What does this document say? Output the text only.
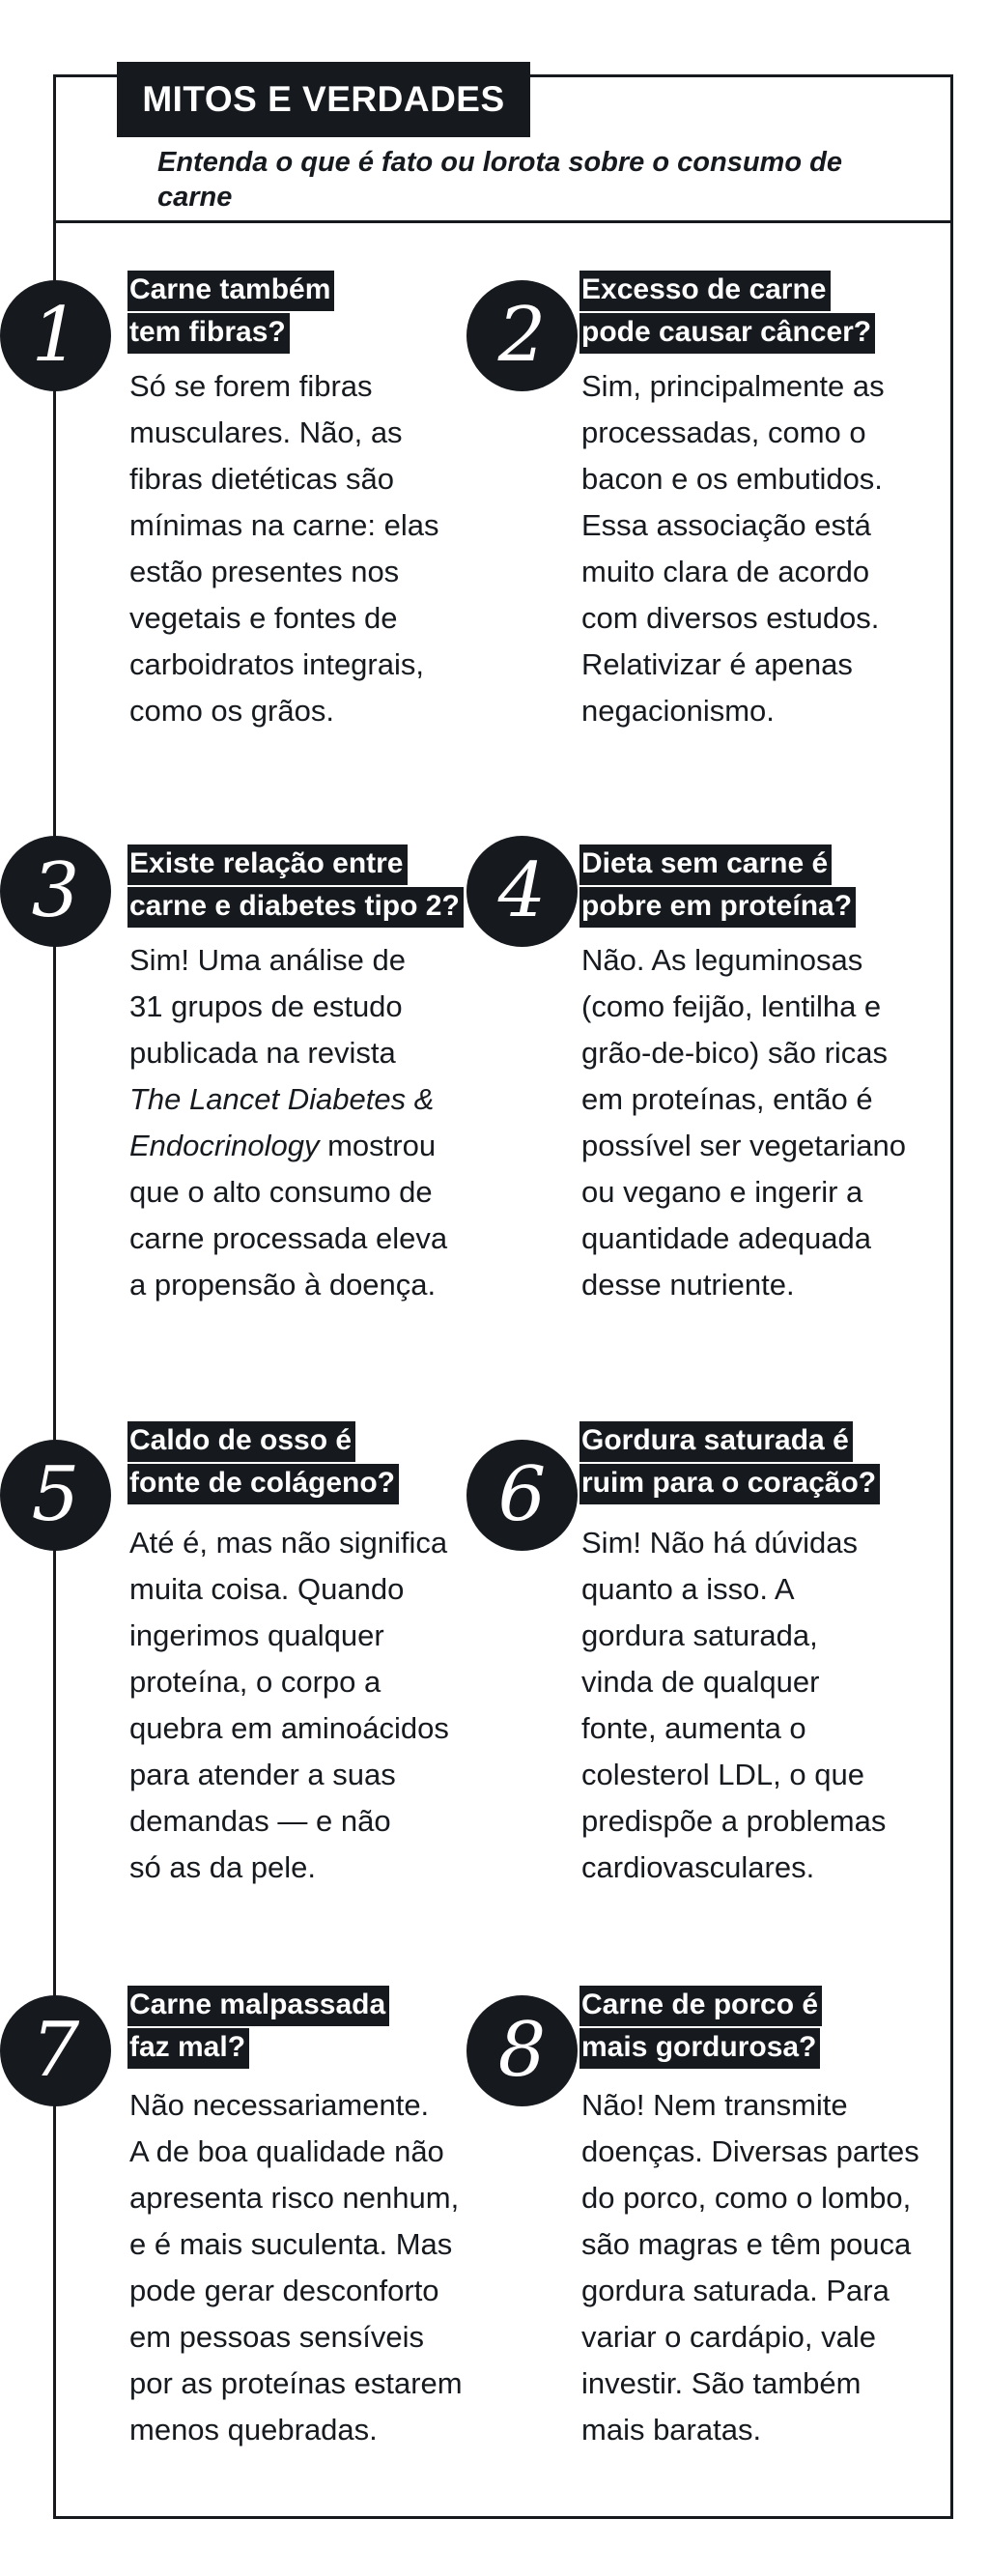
MITOS E VERDADES
Entenda o que é fato ou lorota sobre o consumo de carne
1
Carne também
tem fibras?
Só se forem fibras
musculares. Não, as
fibras dietéticas são
mínimas na carne: elas
estão presentes nos
vegetais e fontes de
carboidratos integrais,
como os grãos.
2
Excesso de carne
pode causar câncer?
Sim, principalmente as
processadas, como o
bacon e os embutidos.
Essa associação está
muito clara de acordo
com diversos estudos.
Relativizar é apenas
negacionismo.
3	Existe relação entre
carne e diabetes tipo 2?
Sim! Uma análise de
31 grupos de estudo
publicada na revista
The Lancet Diabetes &
Endocrinology mostrou
que o alto consumo de
carne processada eleva
a propensão à doença.
4	Dieta sem carne é
pobre em proteína?
Não. As leguminosas
(como feijão, lentilha e
grão-de-bico) são ricas
em proteínas, então é
possível ser vegetariano
ou vegano e ingerir a
quantidade adequada
desse nutriente.
5
Caldo de osso é
fonte de colágeno?
Até é, mas não significa
muita coisa. Quando
ingerimos qualquer
proteína, o corpo a
quebra em aminoácidos
para atender a suas
demandas — e não
só as da pele.
6
Gordura saturada é
ruim para o coração?
Sim! Não há dúvidas
quanto a isso. A
gordura saturada,
vinda de qualquer
fonte, aumenta o
colesterol LDL, o que
predispõe a problemas
cardiovasculares.
7
Carne malpassada
faz mal?
Não necessariamente.
A de boa qualidade não
apresenta risco nenhum,
e é mais suculenta. Mas
pode gerar desconforto
em pessoas sensíveis
por as proteínas estarem
menos quebradas.
8
Carne de porco é
mais gordurosa?
Não! Nem transmite
doenças. Diversas partes
do porco, como o lombo,
são magras e têm pouca
gordura saturada. Para
variar o cardápio, vale
investir. São também
mais baratas.
